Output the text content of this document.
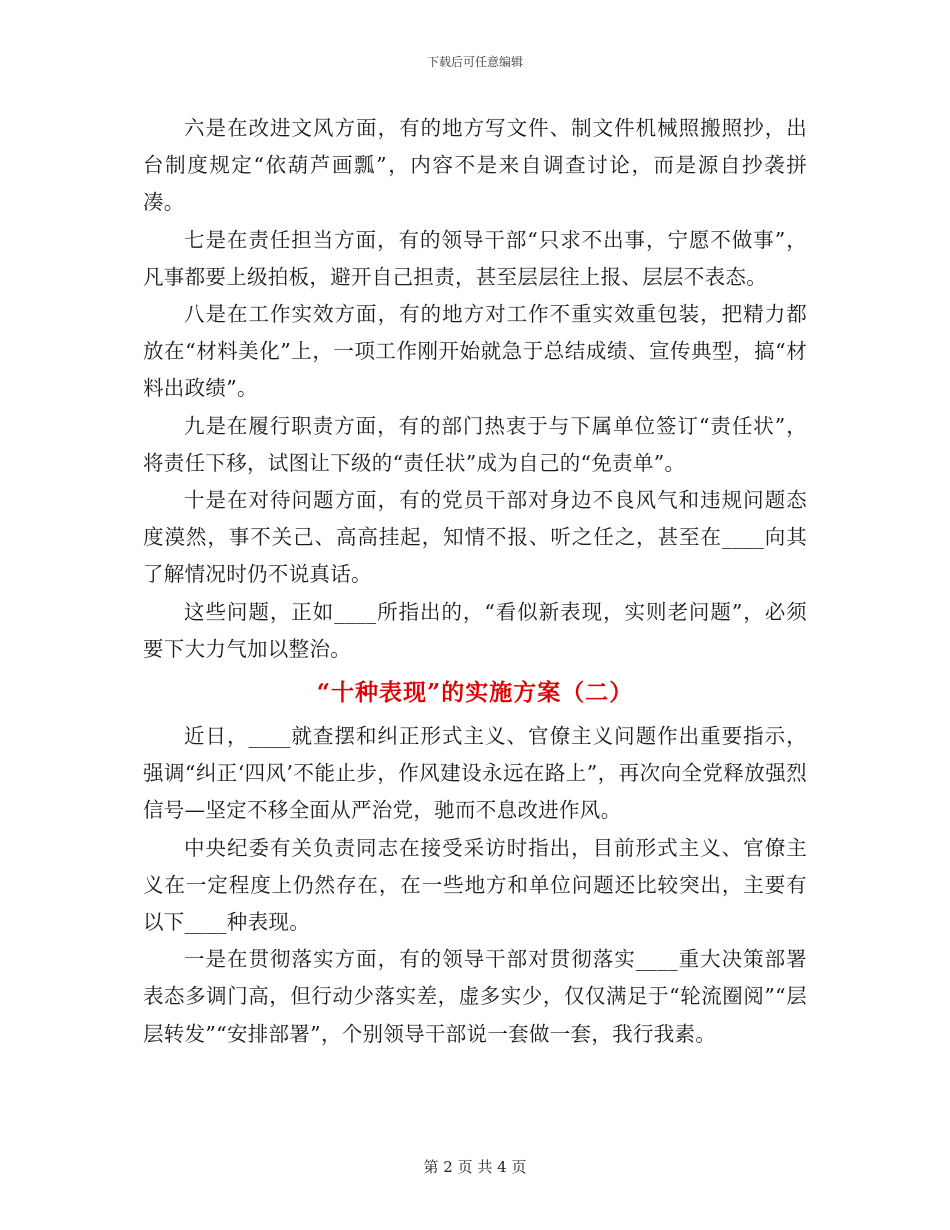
下载后可任意编辑

六是在改进文风方面，有的地方写文件、制文件机械照搬照抄，出台制度规定“依葫芦画瓢”，内容不是来自调查讨论，而是源自抄袭拼凑。

七是在责任担当方面，有的领导干部“只求不出事，宁愿不做事”，凡事都要上级拍板，避开自己担责，甚至层层往上报、层层不表态。

八是在工作实效方面，有的地方对工作不重实效重包装，把精力都放在“材料美化”上，一项工作刚开始就急于总结成绩、宣传典型，搞“材料出政绩”。

九是在履行职责方面，有的部门热衷于与下属单位签订“责任状”，将责任下移，试图让下级的“责任状”成为自己的“免责单”。

十是在对待问题方面，有的党员干部对身边不良风气和违规问题态度漠然，事不关己、高高挂起，知情不报、听之任之，甚至在____向其了解情况时仍不说真话。

这些问题，正如____所指出的，“看似新表现，实则老问题”，必须要下大力气加以整治。

“十种表现”的实施方案（二）

近日，____就查摆和纠正形式主义、官僚主义问题作出重要指示，强调“纠正‘四风’不能止步，作风建设永远在路上”，再次向全党释放强烈信号—坚定不移全面从严治党，驰而不息改进作风。

中央纪委有关负责同志在接受采访时指出，目前形式主义、官僚主义在一定程度上仍然存在，在一些地方和单位问题还比较突出，主要有以下____种表现。

一是在贯彻落实方面，有的领导干部对贯彻落实____重大决策部署表态多调门高，但行动少落实差，虚多实少，仅仅满足于“轮流圈阅”“层层转发”“安排部署”，个别领导干部说一套做一套，我行我素。

第 2 页 共 4 页
